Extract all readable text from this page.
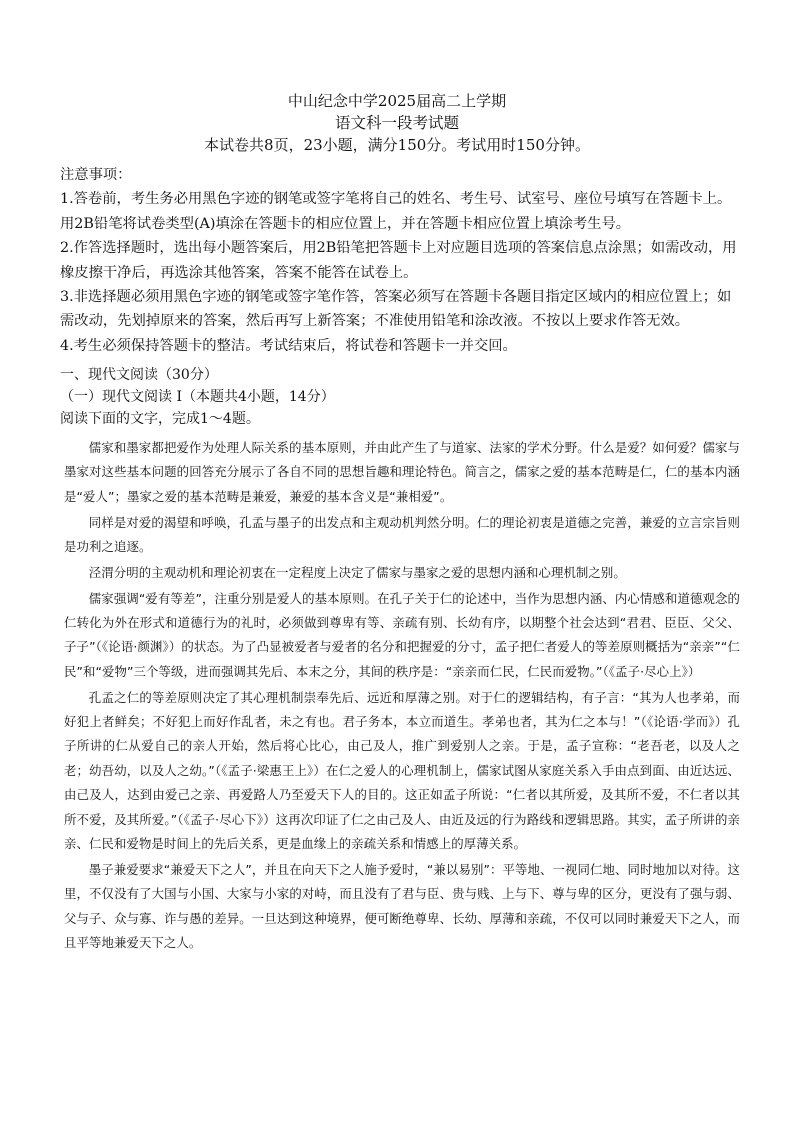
中山纪念中学2025届高二上学期

语文科一段考试题

本试卷共8页，23小题，满分150分。考试用时150分钟。

注意事项：

1.答卷前，考生务必用黑色字迹的钢笔或签字笔将自己的姓名、考生号、试室号、座位号填写在答题卡上。

用2B铅笔将试卷类型(A)填涂在答题卡的相应位置上，并在答题卡相应位置上填涂考生号。

2.作答选择题时，选出每小题答案后，用2B铅笔把答题卡上对应题目选项的答案信息点涂黑；如需改动，用

橡皮擦干净后，再选涂其他答案，答案不能答在试卷上。

3.非选择题必须用黑色字迹的钢笔或签字笔作答，答案必须写在答题卡各题目指定区域内的相应位置上；如

需改动，先划掉原来的答案，然后再写上新答案；不准使用铅笔和涂改液。不按以上要求作答无效。

4.考生必须保持答题卡的整洁。考试结束后，将试卷和答题卡一并交回。

一、现代文阅读（30分）

（一）现代文阅读 I（本题共4小题，14分）

阅读下面的文字，完成1～4题。

儒家和墨家都把爱作为处理人际关系的基本原则，并由此产生了与道家、法家的学术分野。什么是爱？如何爱？儒家与墨家对这些基本问题的回答充分展示了各自不同的思想旨趣和理论特色。简言之，儒家之爱的基本范畴是仁，仁的基本内涵是“爱人”；墨家之爱的基本范畴是兼爱，兼爱的基本含义是“兼相爱”。

同样是对爱的渴望和呼唤，孔孟与墨子的出发点和主观动机判然分明。仁的理论初衷是道德之完善，兼爱的立言宗旨则是功利之追逐。

泾渭分明的主观动机和理论初衷在一定程度上决定了儒家与墨家之爱的思想内涵和心理机制之别。

儒家强调“爱有等差”，注重分别是爱人的基本原则。在孔子关于仁的论述中，当作为思想内涵、内心情感和道德观念的仁转化为外在形式和道德行为的礼时，必须做到尊卑有等、亲疏有别、长幼有序，以期整个社会达到“君君、臣臣、父父、子子”（《论语·颜渊》）的状态。为了凸显被爱者与爱者的名分和把握爱的分寸，孟子把仁者爱人的等差原则概括为“亲亲”“仁民”和“爱物”三个等级，进而强调其先后、本末之分，其间的秩序是：“亲亲而仁民，仁民而爱物。”（《孟子·尽心上》）

孔孟之仁的等差原则决定了其心理机制崇奉先后、远近和厚薄之别。对于仁的逻辑结构，有子言：“其为人也孝弟，而好犯上者鲜矣；不好犯上而好作乱者，未之有也。君子务本，本立而道生。孝弟也者，其为仁之本与！”（《论语·学而》）孔子所讲的仁从爱自己的亲人开始，然后将心比心，由己及人，推广到爱别人之亲。于是，孟子宣称：“老吾老，以及人之老；幼吾幼，以及人之幼。”（《孟子·梁惠王上》）在仁之爱人的心理机制上，儒家试图从家庭关系入手由点到面、由近达远、由己及人，达到由爱己之亲、再爱路人乃至爱天下人的目的。这正如孟子所说：“仁者以其所爱，及其所不爱，不仁者以其所不爱，及其所爱。”（《孟子·尽心下》）这再次印证了仁之由己及人、由近及远的行为路线和逻辑思路。其实，孟子所讲的亲亲、仁民和爱物是时间上的先后关系，更是血缘上的亲疏关系和情感上的厚薄关系。

墨子兼爱要求“兼爱天下之人”，并且在向天下之人施予爱时，“兼以易别”：平等地、一视同仁地、同时地加以对待。这里，不仅没有了大国与小国、大家与小家的对峙，而且没有了君与臣、贵与贱、上与下、尊与卑的区分，更没有了强与弱、父与子、众与寡、诈与愚的差异。一旦达到这种境界，便可断绝尊卑、长幼、厚薄和亲疏，不仅可以同时兼爱天下之人，而且平等地兼爱天下之人。
